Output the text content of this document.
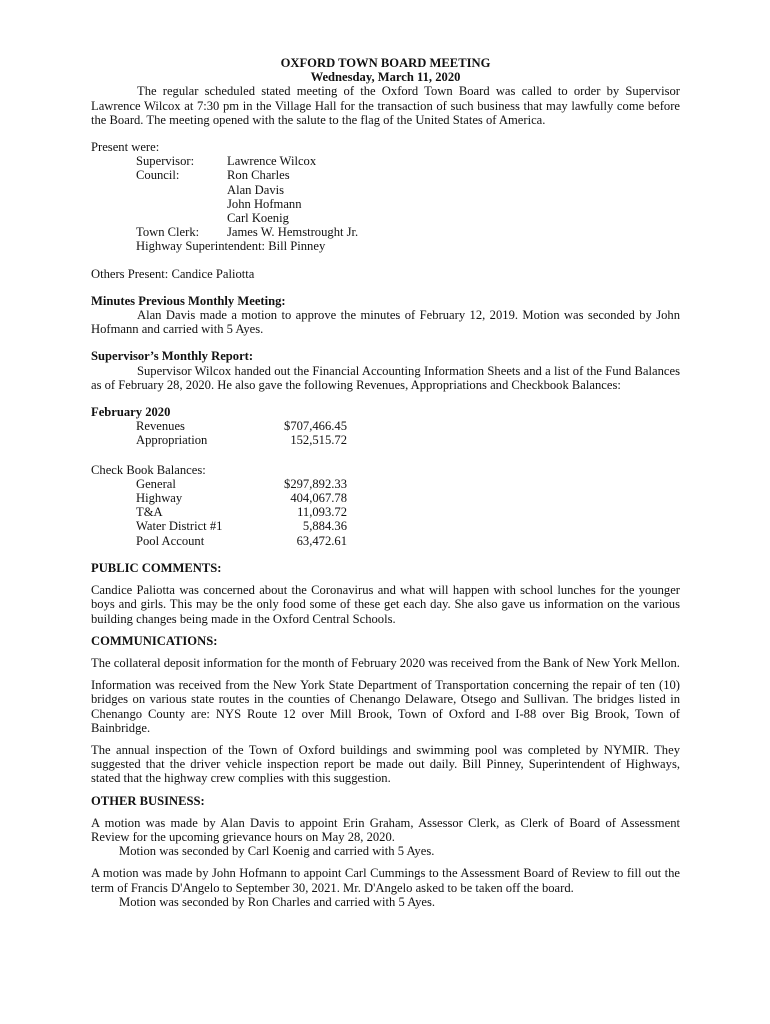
OXFORD TOWN BOARD MEETING

Wednesday, March 11, 2020

The regular scheduled stated meeting of the Oxford Town Board was called to order by Supervisor Lawrence Wilcox at 7:30 pm in the Village Hall for the transaction of such business that may lawfully come before the Board. The meeting opened with the salute to the flag of the United States of America.

Present were:

Supervisor:	Lawrence Wilcox
Council:	Ron Charles
Alan Davis
John Hofmann
Carl Koenig
Town Clerk:	James W. Hemstrought Jr.

Highway Superintendent: Bill Pinney

Others Present: Candice Paliotta

Minutes Previous Monthly Meeting:

Alan Davis made a motion to approve the minutes of February 12, 2019. Motion was seconded by John Hofmann and carried with 5 Ayes.

Supervisor’s Monthly Report:

Supervisor Wilcox handed out the Financial Accounting Information Sheets and a list of the Fund Balances as of February 28, 2020. He also gave the following Revenues, Appropriations and Checkbook Balances:

February 2020

Revenues	$707,466.45
Appropriation	152,515.72

Check Book Balances:

General	$297,892.33
Highway	404,067.78
T&A	11,093.72
Water District #1	5,884.36
Pool Account	63,472.61

PUBLIC COMMENTS:

Candice Paliotta was concerned about the Coronavirus and what will happen with school lunches for the younger boys and girls. This may be the only food some of these get each day. She also gave us information on the various building changes being made in the Oxford Central Schools.

COMMUNICATIONS:

The collateral deposit information for the month of February 2020 was received from the Bank of New York Mellon.

Information was received from the New York State Department of Transportation concerning the repair of ten (10) bridges on various state routes in the counties of Chenango Delaware, Otsego and Sullivan. The bridges listed in Chenango County are: NYS Route 12 over Mill Brook, Town of Oxford and I-88 over Big Brook, Town of Bainbridge.

The annual inspection of the Town of Oxford buildings and swimming pool was completed by NYMIR. They suggested that the driver vehicle inspection report be made out daily. Bill Pinney, Superintendent of Highways, stated that the highway crew complies with this suggestion.

OTHER BUSINESS:

A motion was made by Alan Davis to appoint Erin Graham, Assessor Clerk, as Clerk of Board of Assessment Review for the upcoming grievance hours on May 28, 2020.

Motion was seconded by Carl Koenig and carried with 5 Ayes.

A motion was made by John Hofmann to appoint Carl Cummings to the Assessment Board of Review to fill out the term of Francis D'Angelo to September 30, 2021. Mr. D'Angelo asked to be taken off the board.

Motion was seconded by Ron Charles and carried with 5 Ayes.
